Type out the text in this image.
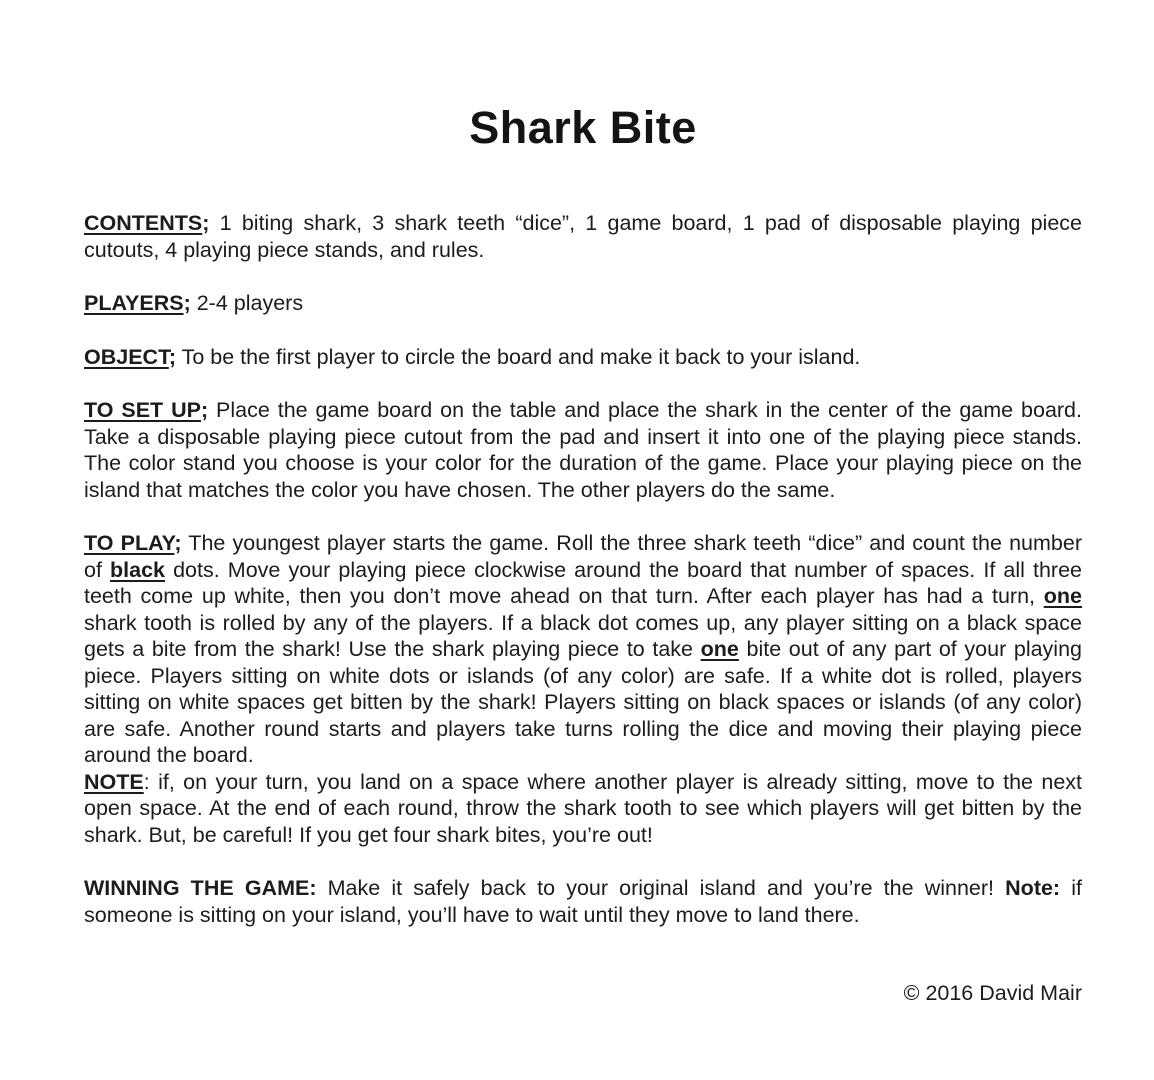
Shark Bite

CONTENTS; 1 biting shark, 3 shark teeth “dice”, 1 game board, 1 pad of disposable playing piece cutouts, 4 playing piece stands, and rules.

PLAYERS; 2-4 players

OBJECT; To be the first player to circle the board and make it back to your island.

TO SET UP; Place the game board on the table and place the shark in the center of the game board. Take a disposable playing piece cutout from the pad and insert it into one of the playing piece stands. The color stand you choose is your color for the duration of the game. Place your playing piece on the island that matches the color you have chosen. The other players do the same.

TO PLAY; The youngest player starts the game. Roll the three shark teeth “dice” and count the number of black dots. Move your playing piece clockwise around the board that number of spaces. If all three teeth come up white, then you don’t move ahead on that turn. After each player has had a turn, one shark tooth is rolled by any of the players. If a black dot comes up, any player sitting on a black space gets a bite from the shark! Use the shark playing piece to take one bite out of any part of your playing piece. Players sitting on white dots or islands (of any color) are safe. If a white dot is rolled, players sitting on white spaces get bitten by the shark! Players sitting on black spaces or islands (of any color) are safe. Another round starts and players take turns rolling the dice and moving their playing piece around the board.

NOTE: if, on your turn, you land on a space where another player is already sitting, move to the next open space. At the end of each round, throw the shark tooth to see which players will get bitten by the shark. But, be careful! If you get four shark bites, you’re out!

WINNING THE GAME: Make it safely back to your original island and you’re the winner! Note: if someone is sitting on your island, you’ll have to wait until they move to land there.

© 2016 David Mair
